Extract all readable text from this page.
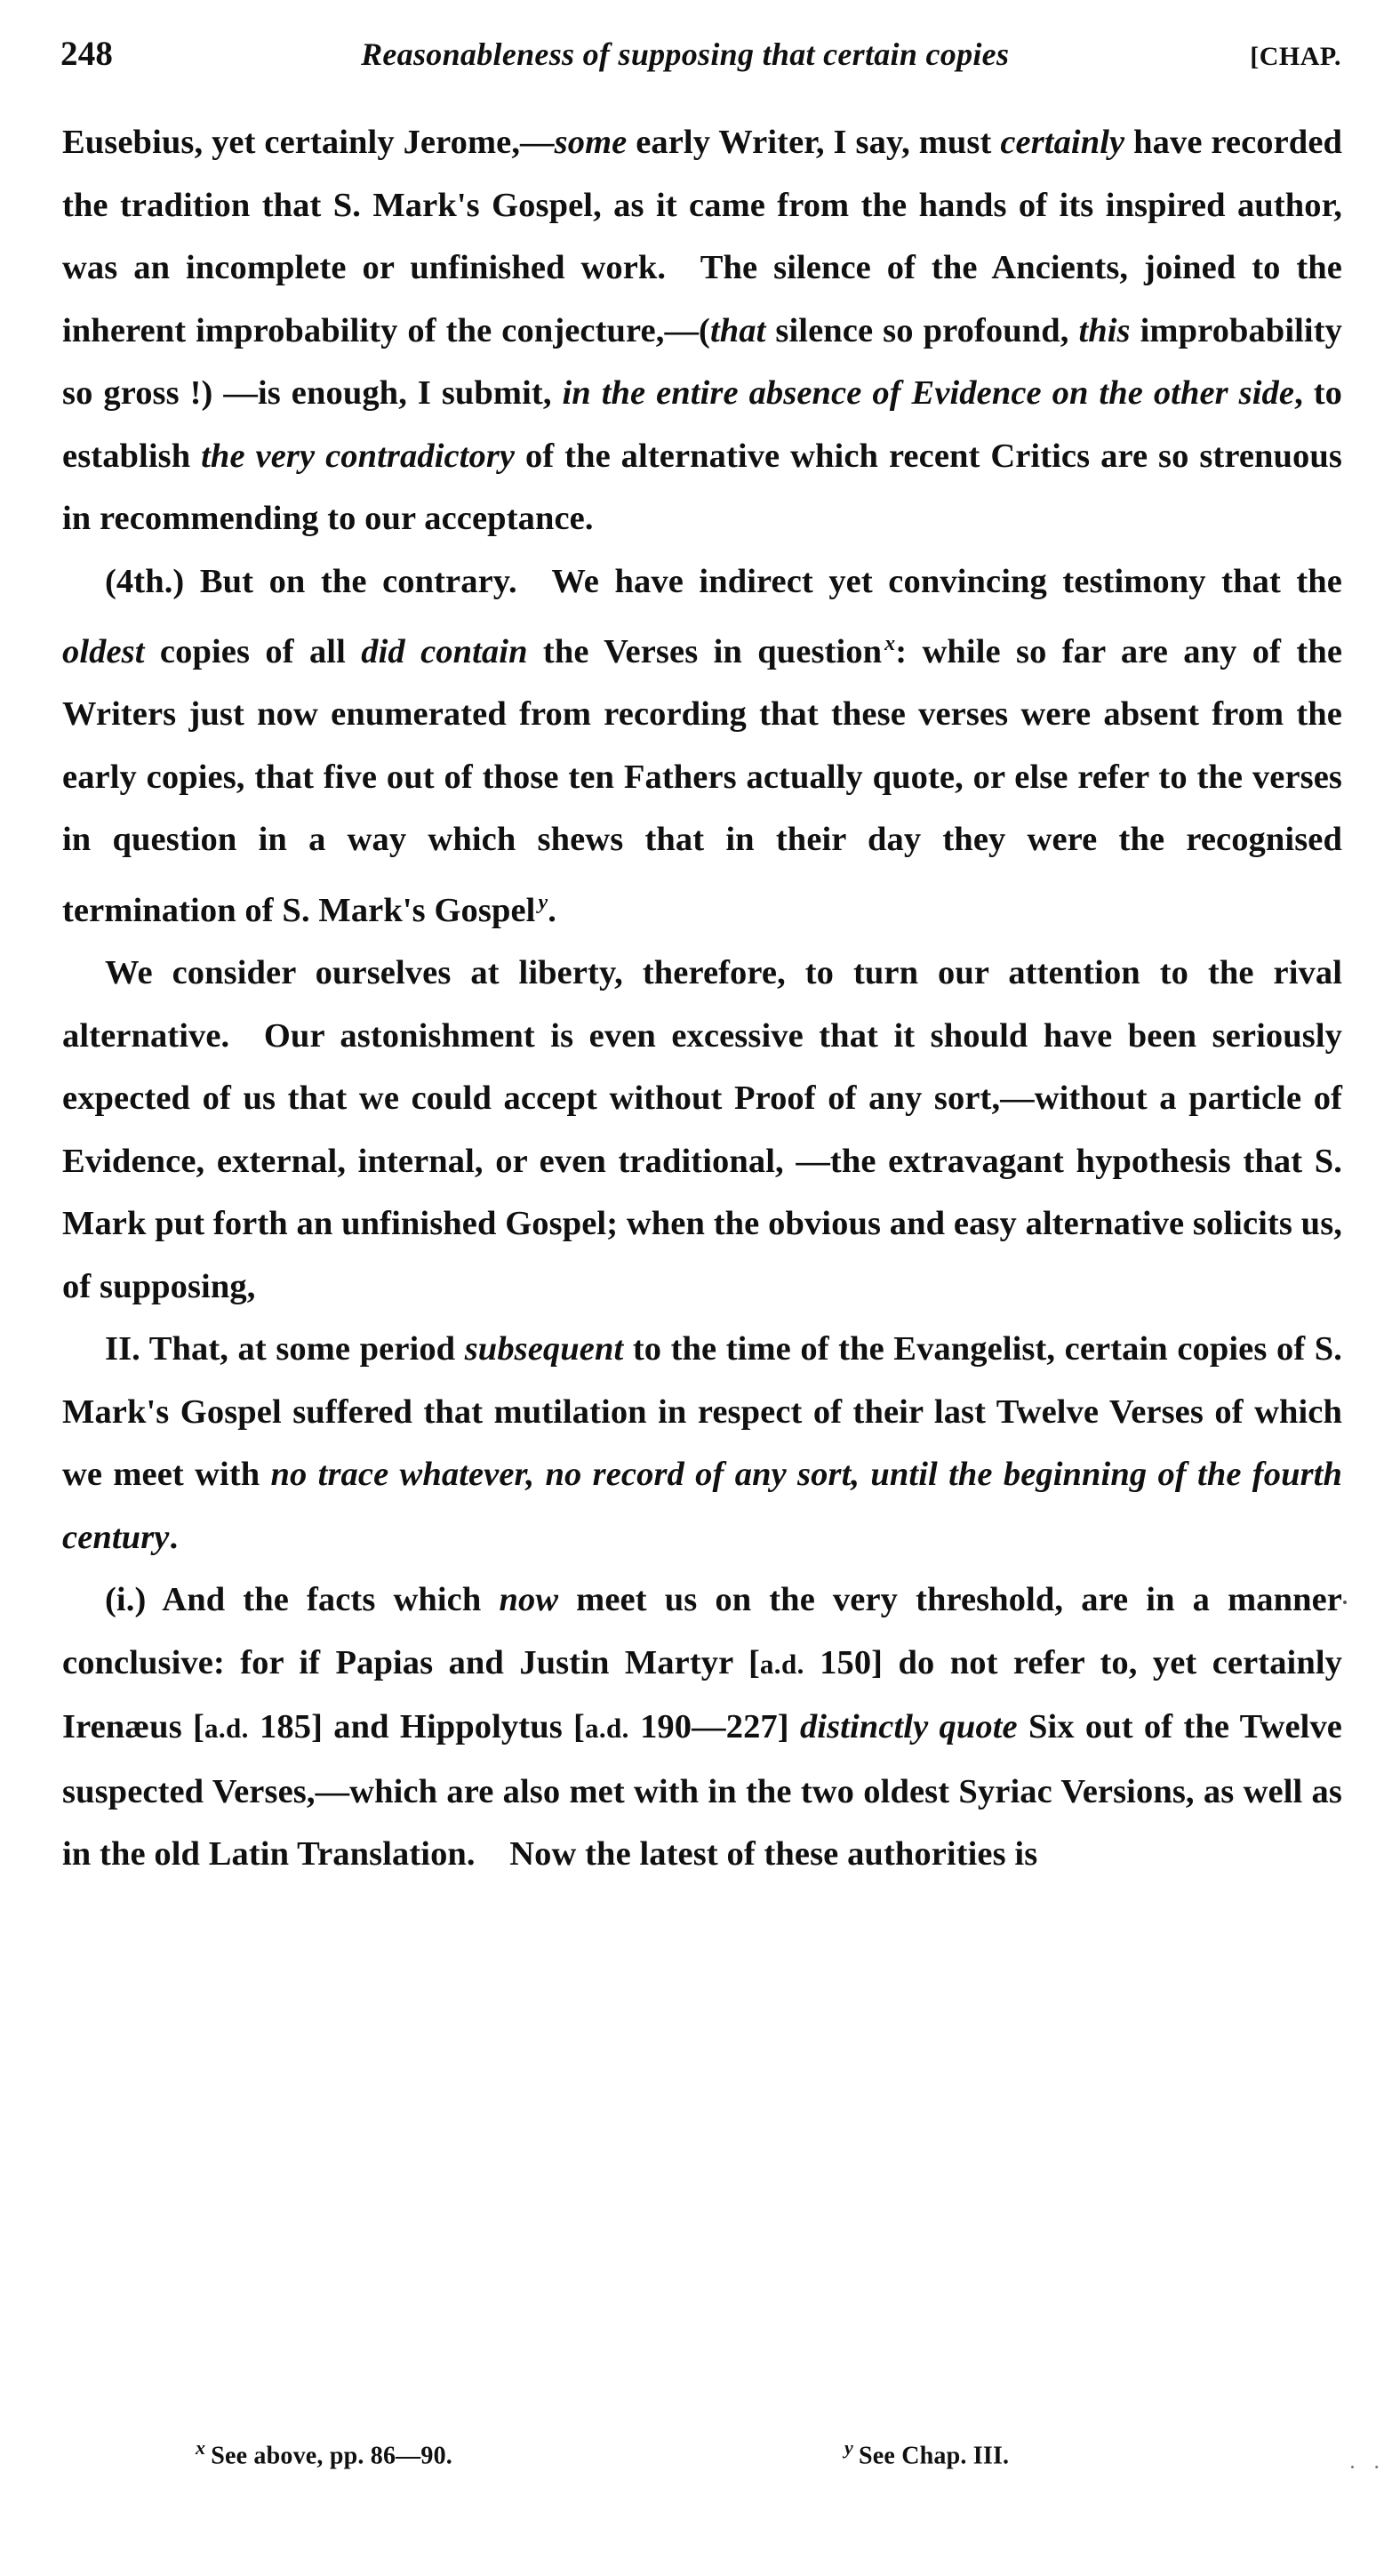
248	Reasonableness of supposing that certain copies	[CHAP.

Eusebius, yet certainly Jerome,—some early Writer, I say, must certainly have recorded the tradition that S. Mark's Gospel, as it came from the hands of its inspired author, was an incomplete or unfinished work. The silence of the Ancients, joined to the inherent improbability of the conjecture,—(that silence so profound, this improbability so gross !) —is enough, I submit, in the entire absence of Evidence on the other side, to establish the very contradictory of the alternative which recent Critics are so strenuous in recommending to our acceptance.

(4th.) But on the contrary. We have indirect yet convincing testimony that the oldest copies of all did contain the Verses in question $^x$: while so far are any of the Writers just now enumerated from recording that these verses were absent from the early copies, that five out of those ten Fathers actually quote, or else refer to the verses in question in a way which shews that in their day they were the recognised termination of S. Mark's Gospel $^y$.

We consider ourselves at liberty, therefore, to turn our attention to the rival alternative. Our astonishment is even excessive that it should have been seriously expected of us that we could accept without Proof of any sort,—without a particle of Evidence, external, internal, or even traditional, —the extravagant hypothesis that S. Mark put forth an unfinished Gospel; when the obvious and easy alternative solicits us, of supposing,

II. That, at some period subsequent to the time of the Evangelist, certain copies of S. Mark's Gospel suffered that mutilation in respect of their last Twelve Verses of which we meet with no trace whatever, no record of any sort, until the beginning of the fourth century.

(i.) And the facts which now meet us on the very threshold, are in a manner conclusive: for if Papias and Justin Martyr [a.d. 150] do not refer to, yet certainly Irenæus [a.d. 185] and Hippolytus [a.d. 190—227] distinctly quote Six out of the Twelve suspected Verses,—which are also met with in the two oldest Syriac Versions, as well as in the old Latin Translation. Now the latest of these authorities is

$^x$ See above, pp. 86—90.	$^y$ See Chap. III.	· ·
